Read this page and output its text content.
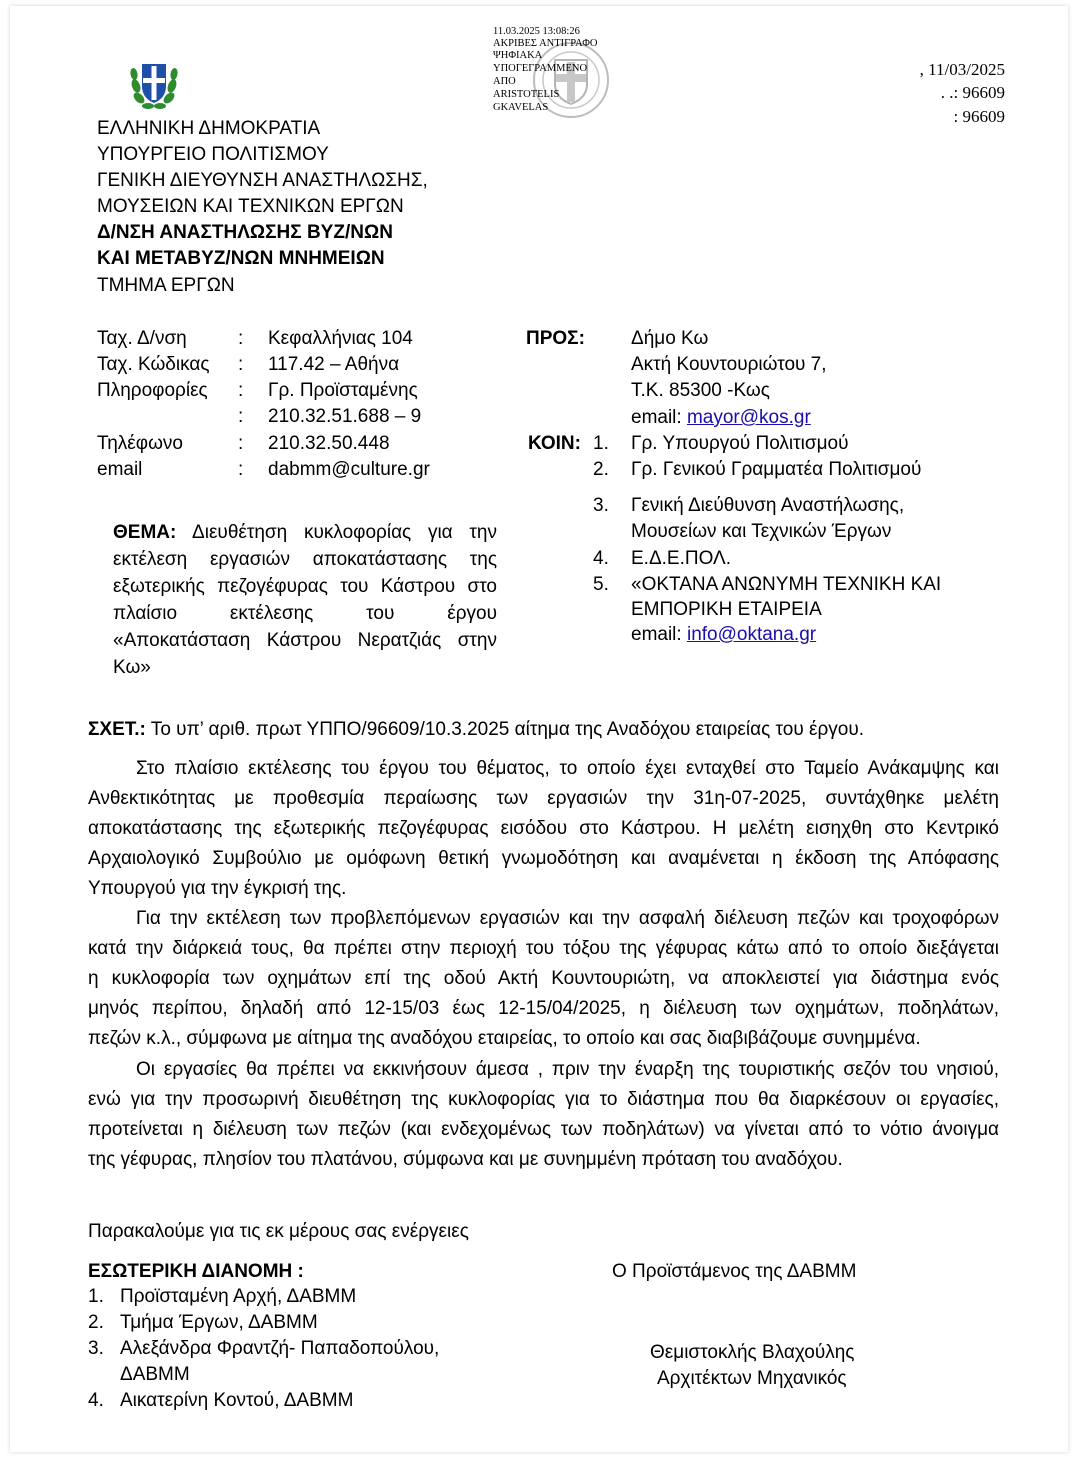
ΕΛΛΗΝΙΚΗ ΔΗΜΟΚΡΑΤΙΑ
ΥΠΟΥΡΓΕΙΟ ΠΟΛΙΤΙΣΜΟΥ
ΓΕΝΙΚΗ ΔΙΕΥΘΥΝΣΗ ΑΝΑΣΤΗΛΩΣΗΣ,
ΜΟΥΣΕΙΩΝ ΚΑΙ ΤΕΧΝΙΚΩΝ ΕΡΓΩΝ
Δ/ΝΣΗ ΑΝΑΣΤΗΛΩΣΗΣ ΒΥΖ/ΝΩΝ
ΚΑΙ ΜΕΤΑΒΥΖ/ΝΩΝ ΜΝΗΜΕΙΩΝ
ΤΜΗΜΑ ΕΡΓΩΝ
11.03.2025 13:08:26
ΑΚΡΙΒΕΣ ΑΝΤΙΓΡΑΦΟ
ΨΗΦΙΑΚΑ
ΥΠΟΓΕΓΡΑΜΜΕΝΟ
ΑΠΟ
ARISTOTELIS
GKAVELAS
, 11/03/2025
. .: 96609
: 96609
Ταχ. Δ/νση	: Κεφαλλήνιας 104
Ταχ. Κώδικας : 117.42 – Αθήνα
Πληροφορίες : Γρ. Προϊσταμένης
: 210.32.51.688 – 9
Τηλέφωνο	: 210.32.50.448
email	: dabmm@culture.gr
ΠΡΟΣ: Δήμο Κω
Ακτή Κουντουριώτου 7,
Τ.Κ. 85300 -Κως
email: mayor@kos.gr
ΚΟΙΝ: 1. Γρ. Υπουργού Πολιτισμού
2. Γρ. Γενικού Γραμματέα Πολιτισμού
3. Γενική Διεύθυνση Αναστήλωσης,
Μουσείων και Τεχνικών Έργων
4. Ε.Δ.Ε.ΠΟΛ.
5. «ΟΚΤΑΝΑ ΑΝΩΝΥΜΗ ΤΕΧΝΙΚΗ ΚΑΙ
ΕΜΠΟΡΙΚΗ ΕΤΑΙΡΕΙΑ
email: info@oktana.gr
ΘΕΜΑ: Διευθέτηση κυκλοφορίας για την
εκτέλεση εργασιών αποκατάστασης της
εξωτερικής πεζογέφυρας του Κάστρου στο
πλαίσιο εκτέλεσης του έργου
«Αποκατάσταση Κάστρου Νερατζιάς στην
Κω»
ΣΧΕΤ.: Το υπ’ αριθ. πρωτ ΥΠΠΟ/96609/10.3.2025 αίτημα της Αναδόχου εταιρείας του έργου.
Στο πλαίσιο εκτέλεσης του έργου του θέματος, το οποίο έχει ενταχθεί στο Ταμείο Ανάκαμψης και
Ανθεκτικότητας με προθεσμία περαίωσης των εργασιών την 31η-07-2025, συντάχθηκε μελέτη
αποκατάστασης της εξωτερικής πεζογέφυρας εισόδου στο Κάστρου. Η μελέτη εισηχθη στο Κεντρικό
Αρχαιολογικό Συμβούλιο με ομόφωνη θετική γνωμοδότηση και αναμένεται η έκδοση της Απόφασης
Υπουργού για την έγκρισή της.
Για την εκτέλεση των προβλεπόμενων εργασιών και την ασφαλή διέλευση πεζών και τροχοφόρων
κατά την διάρκειά τους, θα πρέπει στην περιοχή του τόξου της γέφυρας κάτω από το οποίο διεξάγεται
η κυκλοφορία των οχημάτων επί της οδού Ακτή Κουντουριώτη, να αποκλειστεί για διάστημα ενός
μηνός περίπου, δηλαδή από 12-15/03 έως 12-15/04/2025, η διέλευση των οχημάτων, ποδηλάτων,
πεζών κ.λ., σύμφωνα με αίτημα της αναδόχου εταιρείας, το οποίο και σας διαβιβάζουμε συνημμένα.
Οι εργασίες θα πρέπει να εκκινήσουν άμεσα , πριν την έναρξη της τουριστικής σεζόν του νησιού,
ενώ για την προσωρινή διευθέτηση της κυκλοφορίας για το διάστημα που θα διαρκέσουν οι εργασίες,
προτείνεται η διέλευση των πεζών (και ενδεχομένως των ποδηλάτων) να γίνεται από το νότιο άνοιγμα
της γέφυρας, πλησίον του πλατάνου, σύμφωνα και με συνημμένη πρόταση του αναδόχου.
Παρακαλούμε για τις εκ μέρους σας ενέργειες
ΕΣΩΤΕΡΙΚΗ ΔΙΑΝΟΜΗ :
1. Προϊσταμένη Αρχή, ΔΑΒΜΜ
2. Τμήμα Έργων, ΔΑΒΜΜ
3. Αλεξάνδρα Φραντζή- Παπαδοπούλου,
ΔΑΒΜΜ
4. Αικατερίνη Κοντού, ΔΑΒΜΜ
Ο Προϊστάμενος της ΔΑΒΜΜ
Θεμιστοκλής Βλαχούλης
Αρχιτέκτων Μηχανικός
